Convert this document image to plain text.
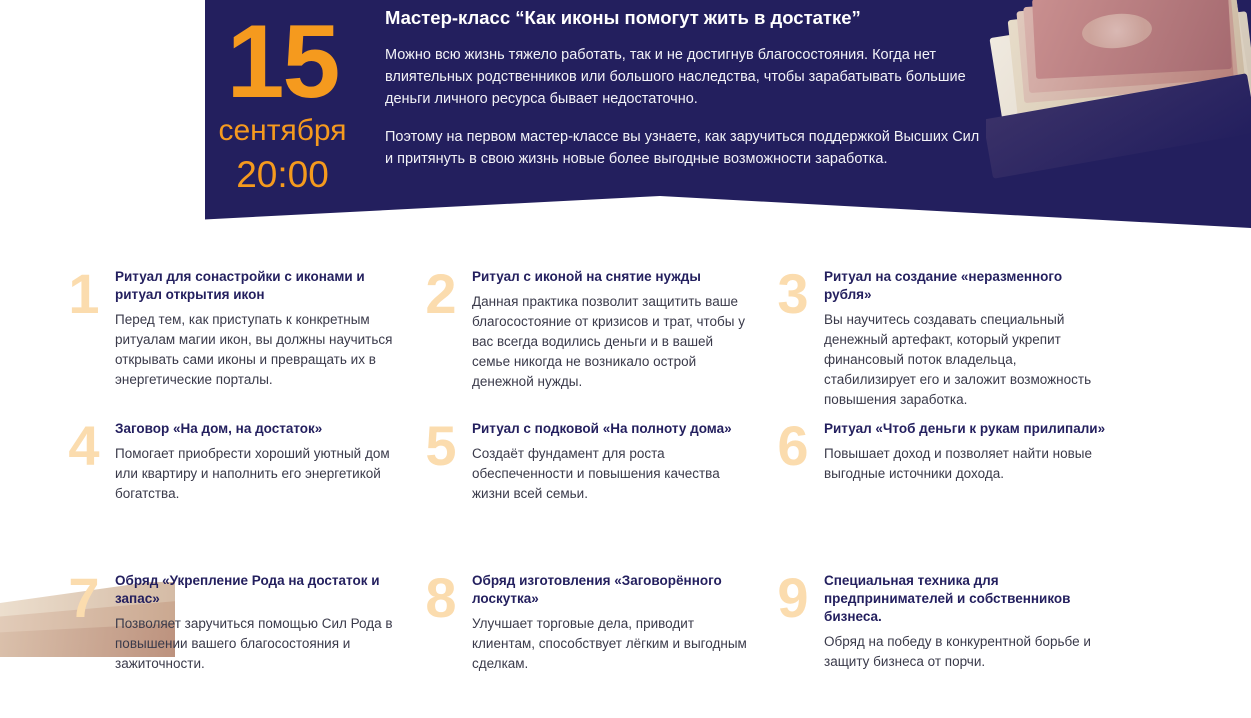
15
сентября
20:00
Мастер-класс “Как иконы помогут жить в достатке”

Можно всю жизнь тяжело работать, так и не достигнув благосостояния. Когда нет влиятельных родственников или большого наследства, чтобы зарабатывать большие деньги личного ресурса бывает недостаточно.

Поэтому на первом мастер-классе вы узнаете, как заручиться поддержкой Высших Сил и притянуть в свою жизнь новые более выгодные возможности заработка.

1	Ритуал для сонастройки с иконами и ритуал открытия икон

Перед тем, как приступать к конкретным ритуалам магии икон, вы должны научиться открывать сами иконы и превращать их в энергетические порталы.

2	Ритуал с иконой на снятие нужды

Данная практика позволит защитить ваше благосостояние от кризисов и трат, чтобы у вас всегда водились деньги и в вашей семье никогда не возникало острой денежной нужды.

3	Ритуал на создание «неразменного рубля»

Вы научитесь создавать специальный денежный артефакт, который укрепит финансовый поток владельца, стабилизирует его и заложит возможность повышения заработка.

4	Заговор «На дом, на достаток»

Помогает приобрести хороший уютный дом или квартиру и наполнить его энергетикой богатства.

5	Ритуал с подковой «На полноту дома»

Создаёт фундамент для роста обеспеченности и повышения качества жизни всей семьи.

6	Ритуал «Чтоб деньги к рукам прилипали»

Повышает доход и позволяет найти новые выгодные источники дохода.

7	Обряд «Укрепление Рода на достаток и запас»

Позволяет заручиться помощью Сил Рода в повышении вашего благосостояния и зажиточности.

8	Обряд изготовления «Заговорённого лоскутка»

Улучшает торговые дела, приводит клиентам, способствует лёгким и выгодным сделкам.

9	Специальная техника для предпринимателей и собственников бизнеса.

Обряд на победу в конкурентной борьбе и защиту бизнеса от порчи.
